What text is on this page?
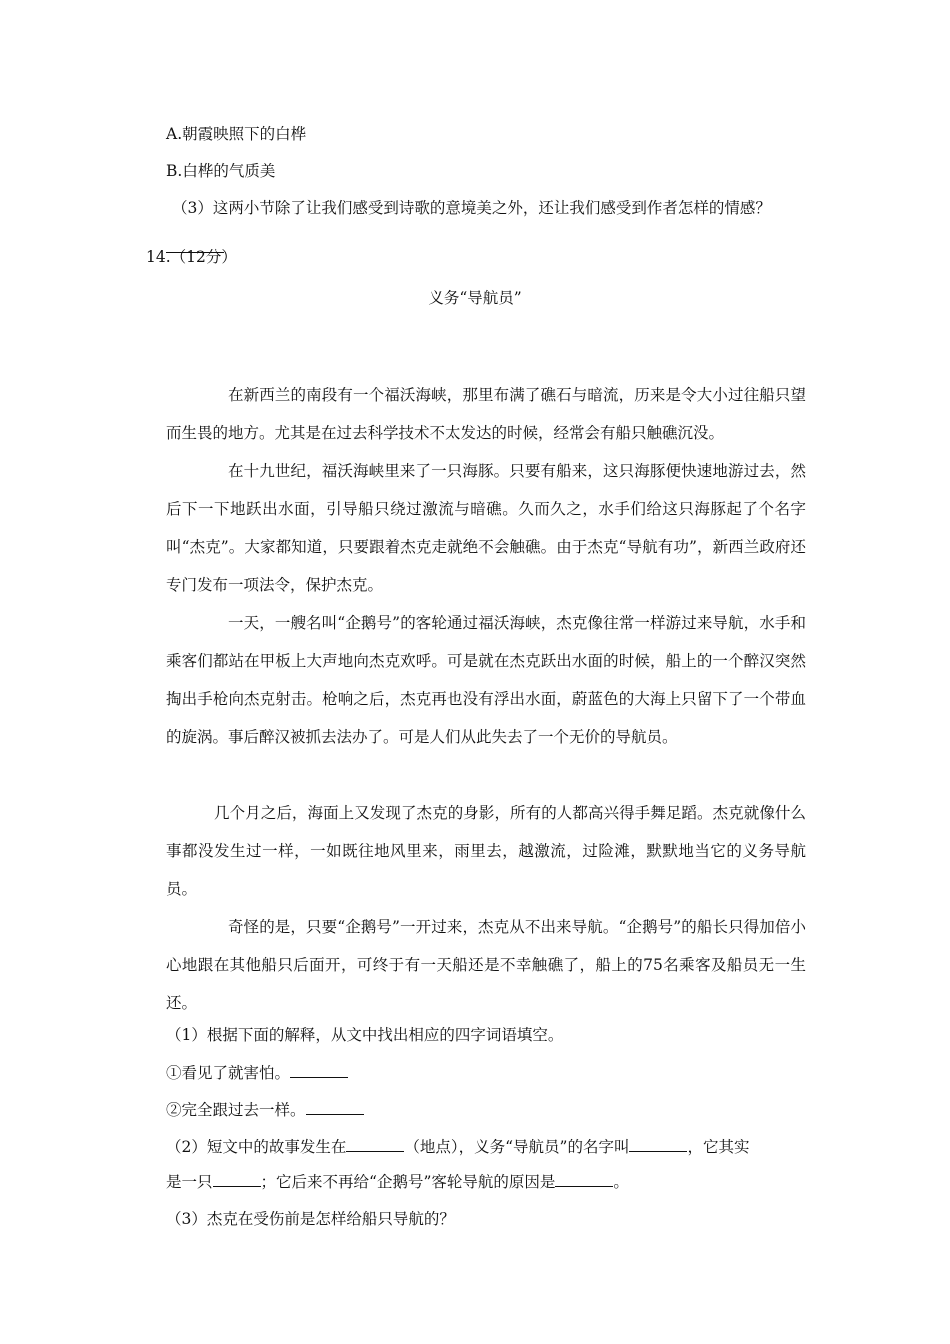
A.朝霞映照下的白桦
B.白桦的气质美
（3）这两小节除了让我们感受到诗歌的意境美之外，还让我们感受到作者怎样的情感？
14.（12分）
义务“导航员”

在新西兰的南段有一个福沃海峡，那里布满了礁石与暗流，历来是令大小过往船只望而生畏的地方。尤其是在过去科学技术不太发达的时候，经常会有船只触礁沉没。

在十九世纪，福沃海峡里来了一只海豚。只要有船来，这只海豚便快速地游过去，然后下一下地跃出水面，引导船只绕过激流与暗礁。久而久之，水手们给这只海豚起了个名字叫“杰克”。大家都知道，只要跟着杰克走就绝不会触礁。由于杰克“导航有功”，新西兰政府还专门发布一项法令，保护杰克。

一天，一艘名叫“企鹅号”的客轮通过福沃海峡，杰克像往常一样游过来导航，水手和乘客们都站在甲板上大声地向杰克欢呼。可是就在杰克跃出水面的时候，船上的一个醉汉突然掏出手枪向杰克射击。枪响之后，杰克再也没有浮出水面，蔚蓝色的大海上只留下了一个带血的旋涡。事后醉汉被抓去法办了。可是人们从此失去了一个无价的导航员。

几个月之后，海面上又发现了杰克的身影，所有的人都高兴得手舞足蹈。杰克就像什么事都没发生过一样，一如既往地风里来，雨里去，越激流，过险滩，默默地当它的义务导航员。

奇怪的是，只要“企鹅号”一开过来，杰克从不出来导航。“企鹅号”的船长只得加倍小心地跟在其他船只后面开，可终于有一天船还是不幸触礁了，船上的75名乘客及船员无一生还。

（1）根据下面的解释，从文中找出相应的四字词语填空。
①看见了就害怕。
②完全跟过去一样。
（2）短文中的故事发生在	（地点），义务“导航员”的名字叫	，它其实
是一只	；它后来不再给“企鹅号”客轮导航的原因是	。
（3）杰克在受伤前是怎样给船只导航的？
